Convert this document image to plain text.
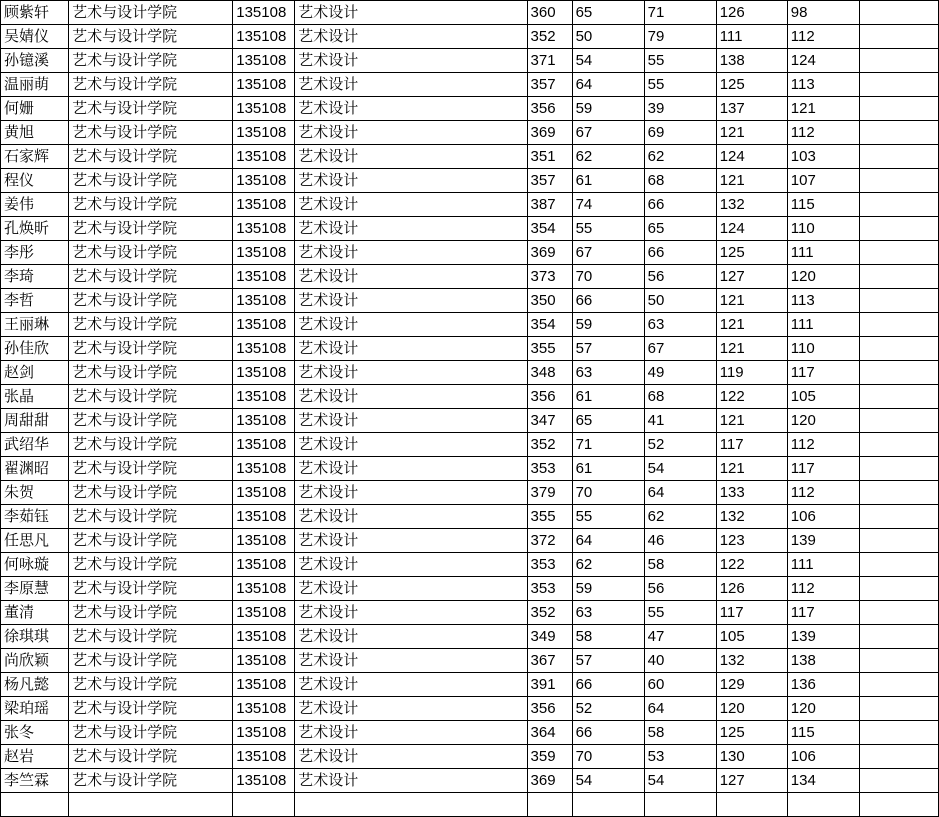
顾紫轩	艺术与设计学院	135108	艺术设计	360	65	71	126	98	
吴婧仪	艺术与设计学院	135108	艺术设计	352	50	79	111	112	
孙镱溪	艺术与设计学院	135108	艺术设计	371	54	55	138	124	
温丽萌	艺术与设计学院	135108	艺术设计	357	64	55	125	113	
何姗	艺术与设计学院	135108	艺术设计	356	59	39	137	121	
黄旭	艺术与设计学院	135108	艺术设计	369	67	69	121	112	
石家辉	艺术与设计学院	135108	艺术设计	351	62	62	124	103	
程仪	艺术与设计学院	135108	艺术设计	357	61	68	121	107	
姜伟	艺术与设计学院	135108	艺术设计	387	74	66	132	115	
孔焕昕	艺术与设计学院	135108	艺术设计	354	55	65	124	110	
李彤	艺术与设计学院	135108	艺术设计	369	67	66	125	111	
李琦	艺术与设计学院	135108	艺术设计	373	70	56	127	120	
李哲	艺术与设计学院	135108	艺术设计	350	66	50	121	113	
王丽琳	艺术与设计学院	135108	艺术设计	354	59	63	121	111	
孙佳欣	艺术与设计学院	135108	艺术设计	355	57	67	121	110	
赵剑	艺术与设计学院	135108	艺术设计	348	63	49	119	117	
张晶	艺术与设计学院	135108	艺术设计	356	61	68	122	105	
周甜甜	艺术与设计学院	135108	艺术设计	347	65	41	121	120	
武绍华	艺术与设计学院	135108	艺术设计	352	71	52	117	112	
翟渊昭	艺术与设计学院	135108	艺术设计	353	61	54	121	117	
朱贺	艺术与设计学院	135108	艺术设计	379	70	64	133	112	
李茹钰	艺术与设计学院	135108	艺术设计	355	55	62	132	106	
任思凡	艺术与设计学院	135108	艺术设计	372	64	46	123	139	
何咏璇	艺术与设计学院	135108	艺术设计	353	62	58	122	111	
李原慧	艺术与设计学院	135108	艺术设计	353	59	56	126	112	
董清	艺术与设计学院	135108	艺术设计	352	63	55	117	117	
徐琪琪	艺术与设计学院	135108	艺术设计	349	58	47	105	139	
尚欣颖	艺术与设计学院	135108	艺术设计	367	57	40	132	138	
杨凡懿	艺术与设计学院	135108	艺术设计	391	66	60	129	136	
梁珀瑶	艺术与设计学院	135108	艺术设计	356	52	64	120	120	
张冬	艺术与设计学院	135108	艺术设计	364	66	58	125	115	
赵岩	艺术与设计学院	135108	艺术设计	359	70	53	130	106	
李竺霖	艺术与设计学院	135108	艺术设计	369	54	54	127	134	
